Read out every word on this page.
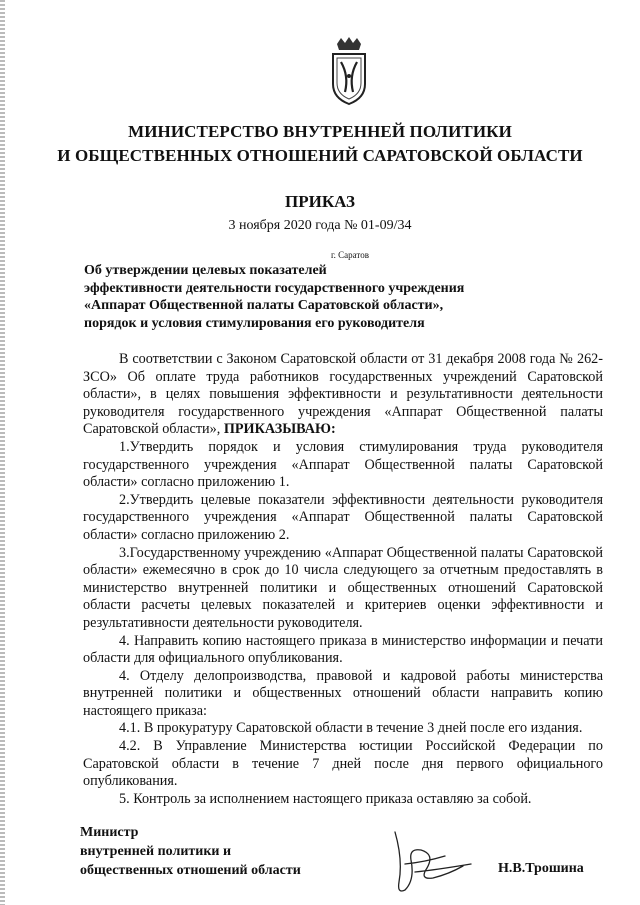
МИНИСТЕРСТВО ВНУТРЕННЕЙ ПОЛИТИКИ
И ОБЩЕСТВЕННЫХ ОТНОШЕНИЙ САРАТОВСКОЙ ОБЛАСТИ
ПРИКАЗ
3 ноября 2020 года № 01-09/34
г. Саратов
Об утверждении целевых показателей
эффективности деятельности государственного учреждения
«Аппарат Общественной палаты Саратовской области»,
порядок и условия стимулирования его руководителя

В соответствии с Законом Саратовской области от 31 декабря 2008 года № 262-ЗСО» Об оплате труда работников государственных учреждений Саратовской области», в целях повышения эффективности и результативности деятельности руководителя государственного учреждения «Аппарат Общественной палаты Саратовской области», ПРИКАЗЫВАЮ:

1.Утвердить порядок и условия стимулирования труда руководителя государственного учреждения «Аппарат Общественной палаты Саратовской области» согласно приложению 1.

2.Утвердить целевые показатели эффективности деятельности руководителя государственного учреждения «Аппарат Общественной палаты Саратовской области» согласно приложению 2.

3.Государственному учреждению «Аппарат Общественной палаты Саратовской области» ежемесячно в срок до 10 числа следующего за отчетным предоставлять в министерство внутренней политики и общественных отношений Саратовской области расчеты целевых показателей и критериев оценки эффективности и результативности деятельности руководителя.

4. Направить копию настоящего приказа в министерство информации и печати области для официального опубликования.

4. Отделу делопроизводства, правовой и кадровой работы министерства внутренней политики и общественных отношений области направить копию настоящего приказа:

4.1. В прокуратуру Саратовской области в течение 3 дней после его издания.

4.2. В Управление Министерства юстиции Российской Федерации по Саратовской области в течение 7 дней после дня первого официального опубликования.

5. Контроль за исполнением настоящего приказа оставляю за собой.

Министр
внутренней политики и
общественных отношений области	Н.В.Трошина
